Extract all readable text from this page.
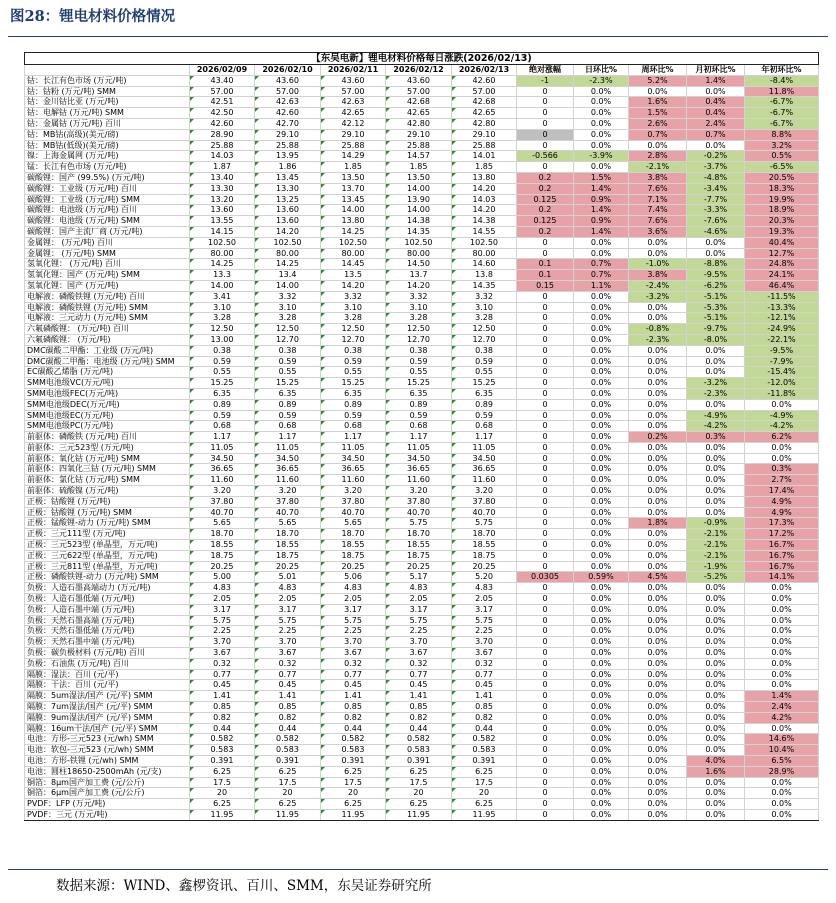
图28：锂电材料价格情况
【东吴电新】锂电材料价格每日涨跌(2026/02/13)										
	2026/02/09	2026/02/10	2026/02/11	2026/02/12	2026/02/13	绝对涨幅	日环比%	周环比%	月初环比%	年初环比%
钴：长江有色市场 (万元/吨)	43.40	43.60	43.60	43.60	42.60	-1	-2.3%	5.2%	1.4%	-8.4%
钴：钴粉 (万元/吨) SMM	57.00	57.00	57.00	57.00	57.00	0	0.0%	0.0%	0.0%	11.8%
钴：金川钴比亚 (万元/吨)	42.51	42.63	42.63	42.68	42.68	0	0.0%	1.6%	0.4%	-6.7%
钴：电解钴 (万元/吨) SMM	42.50	42.60	42.65	42.65	42.65	0	0.0%	1.5%	0.4%	-6.7%
钴：金属钴 (万元/吨) 百川	42.60	42.70	42.12	42.80	42.80	0	0.0%	2.6%	2.4%	-6.7%
钴：MB钴(高级)(美元/磅)	28.90	29.10	29.10	29.10	29.10	0	0.0%	0.7%	0.7%	8.8%
钴：MB钴(低级)(美元/磅)	25.88	25.88	25.88	25.88	25.88	0	0.0%	0.0%	0.0%	3.2%
镍：上海金属网 (万元/吨)	14.03	13.95	14.29	14.57	14.01	-0.566	-3.9%	2.8%	-0.2%	0.5%
锰：长江有色市场 (万元/吨)	1.87	1.86	1.85	1.85	1.85	0	0.0%	-2.1%	-3.7%	-6.5%
碳酸锂：国产 (99.5%) (万元/吨)	13.40	13.45	13.50	13.50	13.80	0.2	1.5%	3.8%	-4.8%	20.5%
碳酸锂：工业级 (万元/吨) 百川	13.30	13.30	13.70	14.00	14.20	0.2	1.4%	7.6%	-3.4%	18.3%
碳酸锂：工业级 (万元/吨) SMM	13.20	13.25	13.45	13.90	14.03	0.125	0.9%	7.1%	-7.7%	19.9%
碳酸锂：电池级 (万元/吨) 百川	13.60	13.60	14.00	14.00	14.20	0.2	1.4%	7.4%	-3.3%	18.9%
碳酸锂：电池级 (万元/吨) SMM	13.55	13.60	13.80	14.38	14.38	0.125	0.9%	7.6%	-7.6%	20.3%
碳酸锂：国产主流厂商 (万元/吨)	14.15	14.20	14.25	14.35	14.55	0.2	1.4%	3.6%	-4.6%	19.3%
金属锂： (万元/吨) 百川	102.50	102.50	102.50	102.50	102.50	0	0.0%	0.0%	0.0%	40.4%
金属锂： (万元/吨) SMM	80.00	80.00	80.00	80.00	80.00	0	0.0%	0.0%	0.0%	12.7%
氢氧化锂： (万元/吨) 百川	14.25	14.25	14.45	14.50	14.60	0.1	0.7%	-1.0%	-8.8%	24.8%
氢氧化锂：国产 (万元/吨) SMM	13.3	13.4	13.5	13.7	13.8	0.1	0.7%	3.8%	-9.5%	24.1%
氢氧化锂：国产 (万元/吨)	14.00	14.00	14.20	14.20	14.35	0.15	1.1%	-2.4%	-6.2%	46.4%
电解液：磷酸铁锂 (万元/吨) 百川	3.41	3.32	3.32	3.32	3.32	0	0.0%	-3.2%	-5.1%	-11.5%
电解液：磷酸铁锂 (万元/吨) SMM	3.10	3.10	3.10	3.10	3.10	0	0.0%	0.0%	-5.3%	-13.3%
电解液：三元动力 (万元/吨) SMM	3.28	3.28	3.28	3.28	3.28	0	0.0%	0.0%	-5.1%	-12.1%
六氟磷酸锂： (万元/吨) 百川	12.50	12.50	12.50	12.50	12.50	0	0.0%	-0.8%	-9.7%	-24.9%
六氟磷酸锂： (万元/吨)	13.00	12.70	12.70	12.70	12.70	0	0.0%	-2.3%	-8.0%	-22.1%
DMC碳酸二甲酯：工业级 (万元/吨)	0.38	0.38	0.38	0.38	0.38	0	0.0%	0.0%	0.0%	-9.5%
DMC碳酸二甲酯：电池级 (万元/吨) SMM	0.59	0.59	0.59	0.59	0.59	0	0.0%	0.0%	0.0%	-7.9%
EC碳酸乙烯脂 (万元/吨)	0.55	0.55	0.55	0.55	0.55	0	0.0%	0.0%	0.0%	-15.4%
SMM电池级VC(万元/吨)	15.25	15.25	15.25	15.25	15.25	0	0.0%	0.0%	-3.2%	-12.0%
SMM电池级FEC(万元/吨)	6.35	6.35	6.35	6.35	6.35	0	0.0%	0.0%	-2.3%	-11.8%
SMM电池级DEC(万元/吨)	0.89	0.89	0.89	0.89	0.89	0	0.0%	0.0%	0.0%	0.0%
SMM电池级EC(万元/吨)	0.59	0.59	0.59	0.59	0.59	0	0.0%	0.0%	-4.9%	-4.9%
SMM电池级PC(万元/吨)	0.68	0.68	0.68	0.68	0.68	0	0.0%	0.0%	-4.2%	-4.2%
前驱体：磷酸铁 (万元/吨) 百川	1.17	1.17	1.17	1.17	1.17	0	0.0%	0.2%	0.3%	6.2%
前驱体：三元523型 (万元/吨)	11.05	11.05	11.05	11.05	11.05	0	0.0%	0.0%	0.0%	0.0%
前驱体：氧化钴 (万元/吨) SMM	34.50	34.50	34.50	34.50	34.50	0	0.0%	0.0%	0.0%	0.0%
前驱体：四氧化三钴 (万元/吨) SMM	36.65	36.65	36.65	36.65	36.65	0	0.0%	0.0%	0.0%	0.3%
前驱体：氯化钴 (万元/吨) SMM	11.60	11.60	11.60	11.60	11.60	0	0.0%	0.0%	0.0%	2.7%
前驱体：硫酸镍 (万元/吨)	3.20	3.20	3.20	3.20	3.20	0	0.0%	0.0%	0.0%	17.4%
正极：钴酸锂 (万元/吨)	37.80	37.80	37.80	37.80	37.80	0	0.0%	0.0%	0.0%	4.9%
正极：钴酸锂 (万元/吨) SMM	40.70	40.70	40.70	40.70	40.70	0	0.0%	0.0%	0.0%	4.9%
正极：锰酸锂-动力 (万元/吨) SMM	5.65	5.65	5.65	5.75	5.75	0	0.0%	1.8%	-0.9%	17.3%
正极：三元111型 (万元/吨)	18.70	18.70	18.70	18.70	18.70	0	0.0%	0.0%	-2.1%	17.2%
正极：三元523型 (单晶型，万元/吨)	18.55	18.55	18.55	18.55	18.55	0	0.0%	0.0%	-2.1%	16.7%
正极：三元622型 (单晶型，万元/吨)	18.75	18.75	18.75	18.75	18.75	0	0.0%	0.0%	-2.1%	16.7%
正极：三元811型 (单晶型，万元/吨)	20.25	20.25	20.25	20.25	20.25	0	0.0%	0.0%	-1.9%	16.7%
正极：磷酸铁锂-动力 (万元/吨) SMM	5.00	5.01	5.06	5.17	5.20	0.0305	0.59%	4.5%	-5.2%	14.1%
负极：人造石墨高端动力 (万元/吨)	4.83	4.83	4.83	4.83	4.83	0	0.0%	0.0%	0.0%	0.0%
负极：人造石墨低端 (万元/吨)	2.05	2.05	2.05	2.05	2.05	0	0.0%	0.0%	0.0%	0.0%
负极：人造石墨中端 (万元/吨)	3.17	3.17	3.17	3.17	3.17	0	0.0%	0.0%	0.0%	0.0%
负极：天然石墨高端 (万元/吨)	5.75	5.75	5.75	5.75	5.75	0	0.0%	0.0%	0.0%	0.0%
负极：天然石墨低端 (万元/吨)	2.25	2.25	2.25	2.25	2.25	0	0.0%	0.0%	0.0%	0.0%
负极：天然石墨中端 (万元/吨)	3.70	3.70	3.70	3.70	3.70	0	0.0%	0.0%	0.0%	0.0%
负极：碳负极材料 (万元/吨) 百川	3.67	3.67	3.67	3.67	3.67	0	0.0%	0.0%	0.0%	0.0%
负极：石油焦 (万元/吨) 百川	0.32	0.32	0.32	0.32	0.32	0	0.0%	0.0%	0.0%	0.0%
隔膜：湿法：百川 (元/平)	0.77	0.77	0.77	0.77	0.77	0	0.0%	0.0%	0.0%	0.0%
隔膜：干法：百川 (元/平)	0.45	0.45	0.45	0.45	0.45	0	0.0%	0.0%	0.0%	0.0%
隔膜：5um湿法/国产 (元/平) SMM	1.41	1.41	1.41	1.41	1.41	0	0.0%	0.0%	0.0%	1.4%
隔膜：7um湿法/国产 (元/平) SMM	0.85	0.85	0.85	0.85	0.85	0	0.0%	0.0%	0.0%	2.4%
隔膜：9um湿法/国产 (元/平) SMM	0.82	0.82	0.82	0.82	0.82	0	0.0%	0.0%	0.0%	4.2%
隔膜：16um干法/国产 (元/平) SMM	0.44	0.44	0.44	0.44	0.44	0	0.0%	0.0%	0.0%	0.0%
电池：方形-三元523 (元/wh) SMM	0.582	0.582	0.582	0.582	0.582	0	0.0%	0.0%	0.0%	14.6%
电池：软包-三元523 (元/wh) SMM	0.583	0.583	0.583	0.583	0.583	0	0.0%	0.0%	0.0%	10.4%
电池：方形-铁锂 (元/wh) SMM	0.391	0.391	0.391	0.391	0.391	0	0.0%	0.0%	4.0%	6.5%
电池：圆柱18650-2500mAh (元/支)	6.25	6.25	6.25	6.25	6.25	0	0.0%	0.0%	1.6%	28.9%
铜箔：8μm国产加工费 (元/公斤)	17.5	17.5	17.5	17.5	17.5	0	0.0%	0.0%	0.0%	0.0%
铜箔：6μm国产加工费 (元/公斤)	20	20	20	20	20	0	0.0%	0.0%	0.0%	0.0%
PVDF：LFP (万元/吨)	6.25	6.25	6.25	6.25	6.25	0	0.0%	0.0%	0.0%	0.0%
PVDF：三元 (万元/吨)	11.95	11.95	11.95	11.95	11.95	0	0.0%	0.0%	0.0%	0.0%
数据来源：WIND、鑫椤资讯、百川、SMM，东吴证券研究所
